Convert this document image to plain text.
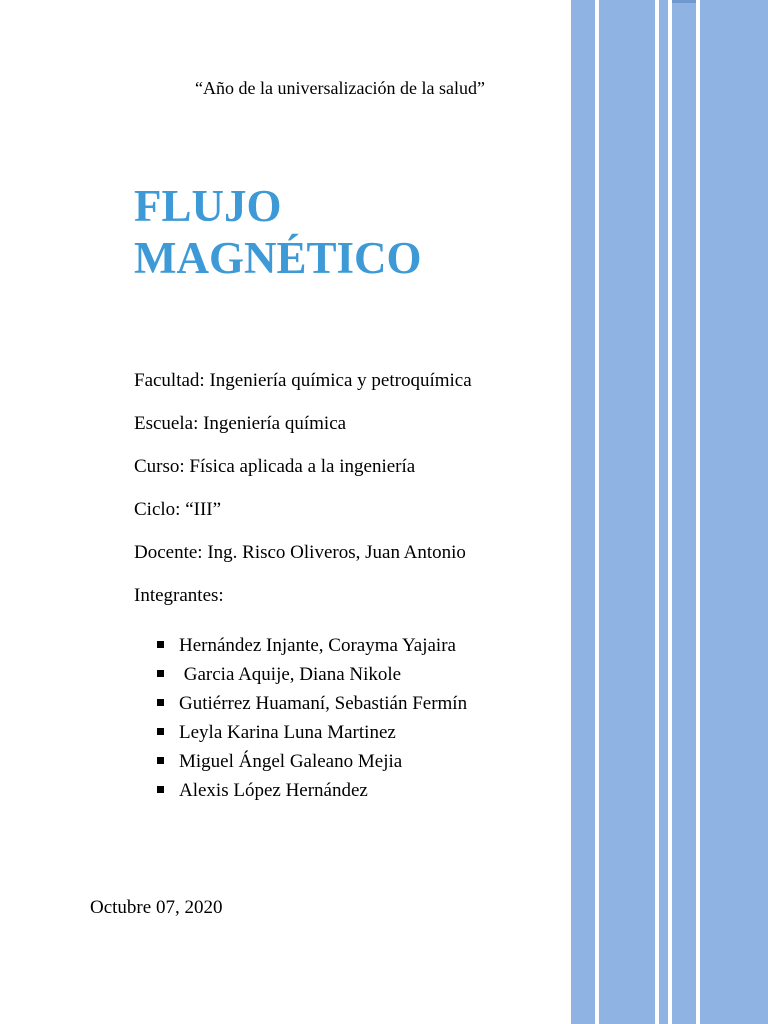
“Año de la universalización de la salud”
FLUJO
MAGNÉTICO
Facultad: Ingeniería química y petroquímica
Escuela: Ingeniería química
Curso: Física aplicada a la ingeniería
Ciclo: “III”
Docente: Ing. Risco Oliveros, Juan Antonio
Integrantes:
Hernández Injante, Corayma Yajaira
Garcia Aquije, Diana Nikole
Gutiérrez Huamaní, Sebastián Fermín
Leyla Karina Luna Martinez
Miguel Ángel Galeano Mejia
Alexis López Hernández
Octubre 07, 2020
